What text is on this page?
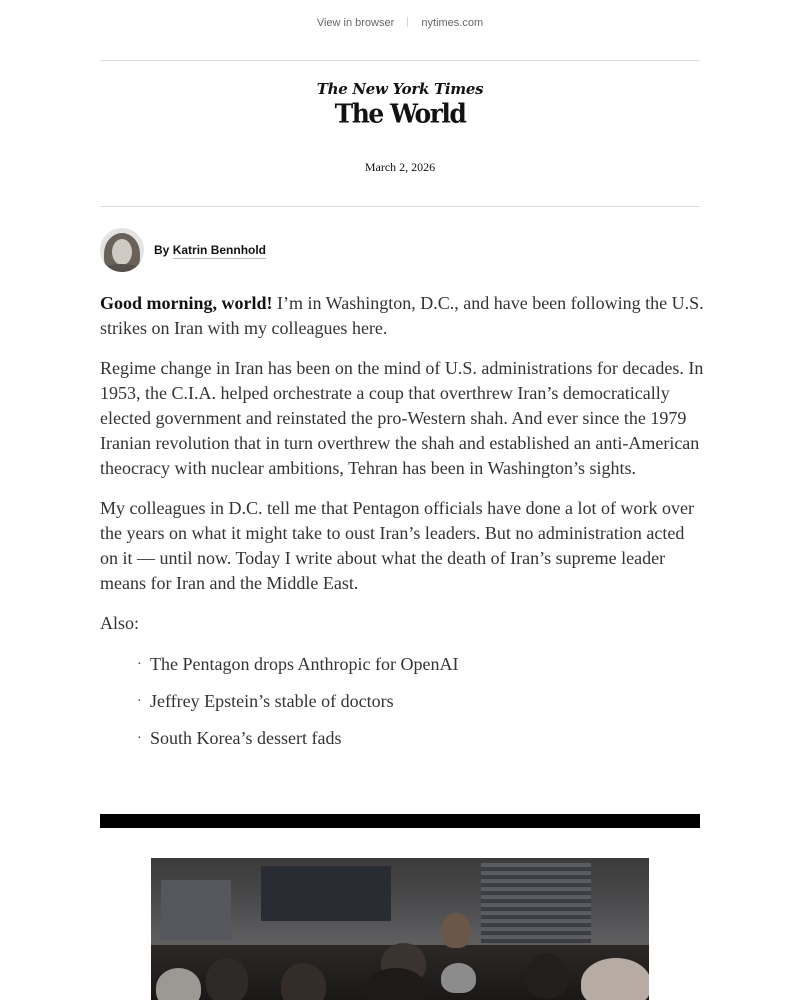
View in browser nytimes.com
The New York Times
The World
March 2, 2026
By Katrin Bennhold

Good morning, world! I’m in Washington, D.C., and have been following the U.S. strikes on Iran with my colleagues here.

Regime change in Iran has been on the mind of U.S. administrations for decades. In 1953, the C.I.A. helped orchestrate a coup that overthrew Iran’s democratically elected government and reinstated the pro-Western shah. And ever since the 1979 Iranian revolution that in turn overthrew the shah and established an anti-American theocracy with nuclear ambitions, Tehran has been in Washington’s sights.

My colleagues in D.C. tell me that Pentagon officials have done a lot of work over the years on what it might take to oust Iran’s leaders. But no administration acted on it — until now. Today I write about what the death of Iran’s supreme leader means for Iran and the Middle East.

Also:

· The Pentagon drops Anthropic for OpenAI
· Jeffrey Epstein’s stable of doctors
· South Korea’s dessert fads
